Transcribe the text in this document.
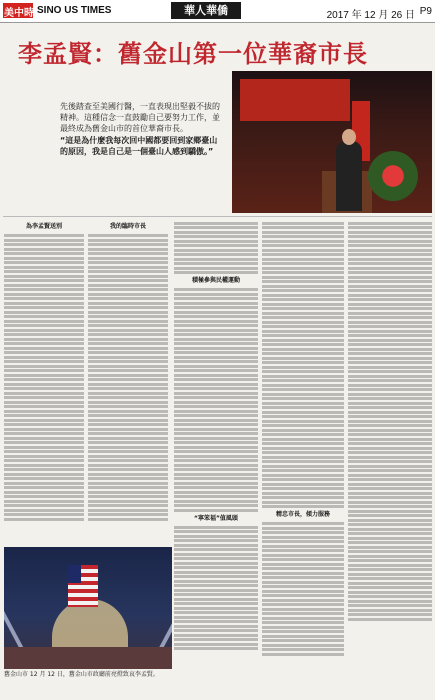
美中時報
SINO US TIMES	華人華僑	2017 年 12 月 26 日 P9
李孟賢：舊金山第一位華裔市長

先後踏查至美國行醫，一直表現出堅毅不拔的精神。這種信念一直鼓勵自己要努力工作，並最終成為舊金山市的首位華裔市長。

“這是為什麼我每次回中國都要回到家鄉臺山的原因，我是自己是一個臺山人感到驕傲。”

為李孟賢送別	我的臨時市長
積極參與民權運動
“寧笨福”值風頭	精忠市長，傾力服務
舊金山市 12 月 12 日，舊金山市政廳前亮燈致哀李孟賢。
